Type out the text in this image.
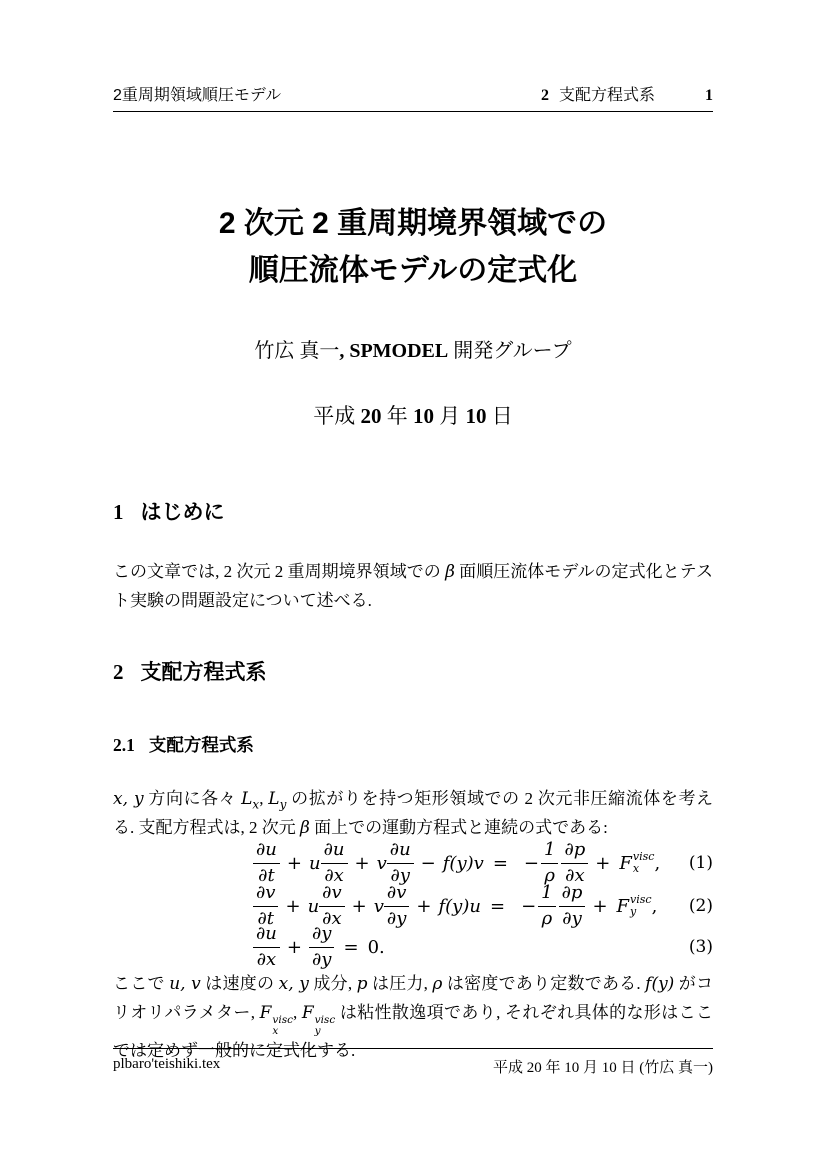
2重周期領域順圧モデル	2 支配方程式系	1
2 次元 2 重周期境界領域での
順圧流体モデルの定式化
竹広 真一, SPMODEL 開発グループ
平成 20 年 10 月 10 日
1 はじめに

この文章では, 2 次元 2 重周期境界領域での β 面順圧流体モデルの定式化とテスト実験の問題設定について述べる.

2 支配方程式系
2.1 支配方程式系

x, y 方向に各々 $L_x$, $L_y$ の拡がりを持つ矩形領域での 2 次元非圧縮流体を考える. 支配方程式は, 2 次元 β 面上での運動方程式と連続の式である:

$\frac{\partial u}{\partial t} + u \frac{\partial u}{\partial x} + v \frac{\partial u}{\partial y} - f(y)v$ = − $\frac{1}{\rho} \frac{\partial p}{\partial x} + F$ visc
x , (1)
$\frac{\partial v}{\partial t} + u \frac{\partial v}{\partial x} + v \frac{\partial v}{\partial y} + f(y)u$ = − $\frac{1}{\rho} \frac{\partial p}{\partial y} + F$ visc
y , (2)
$\frac{\partial u}{\partial x} + \frac{\partial y}{\partial y} = 0$.	(3)

ここで u, v は速度の x, y 成分, p は圧力, ρ は密度であり定数である. f(y) がコリオリパラメター, F visc
x
, F visc
y
は粘性散逸項であり, それぞれ具体的な形はここでは定めず一般的に定式化する.

plbaro'teishiki.tex	平成 20 年 10 月 10 日 (竹広 真一)
